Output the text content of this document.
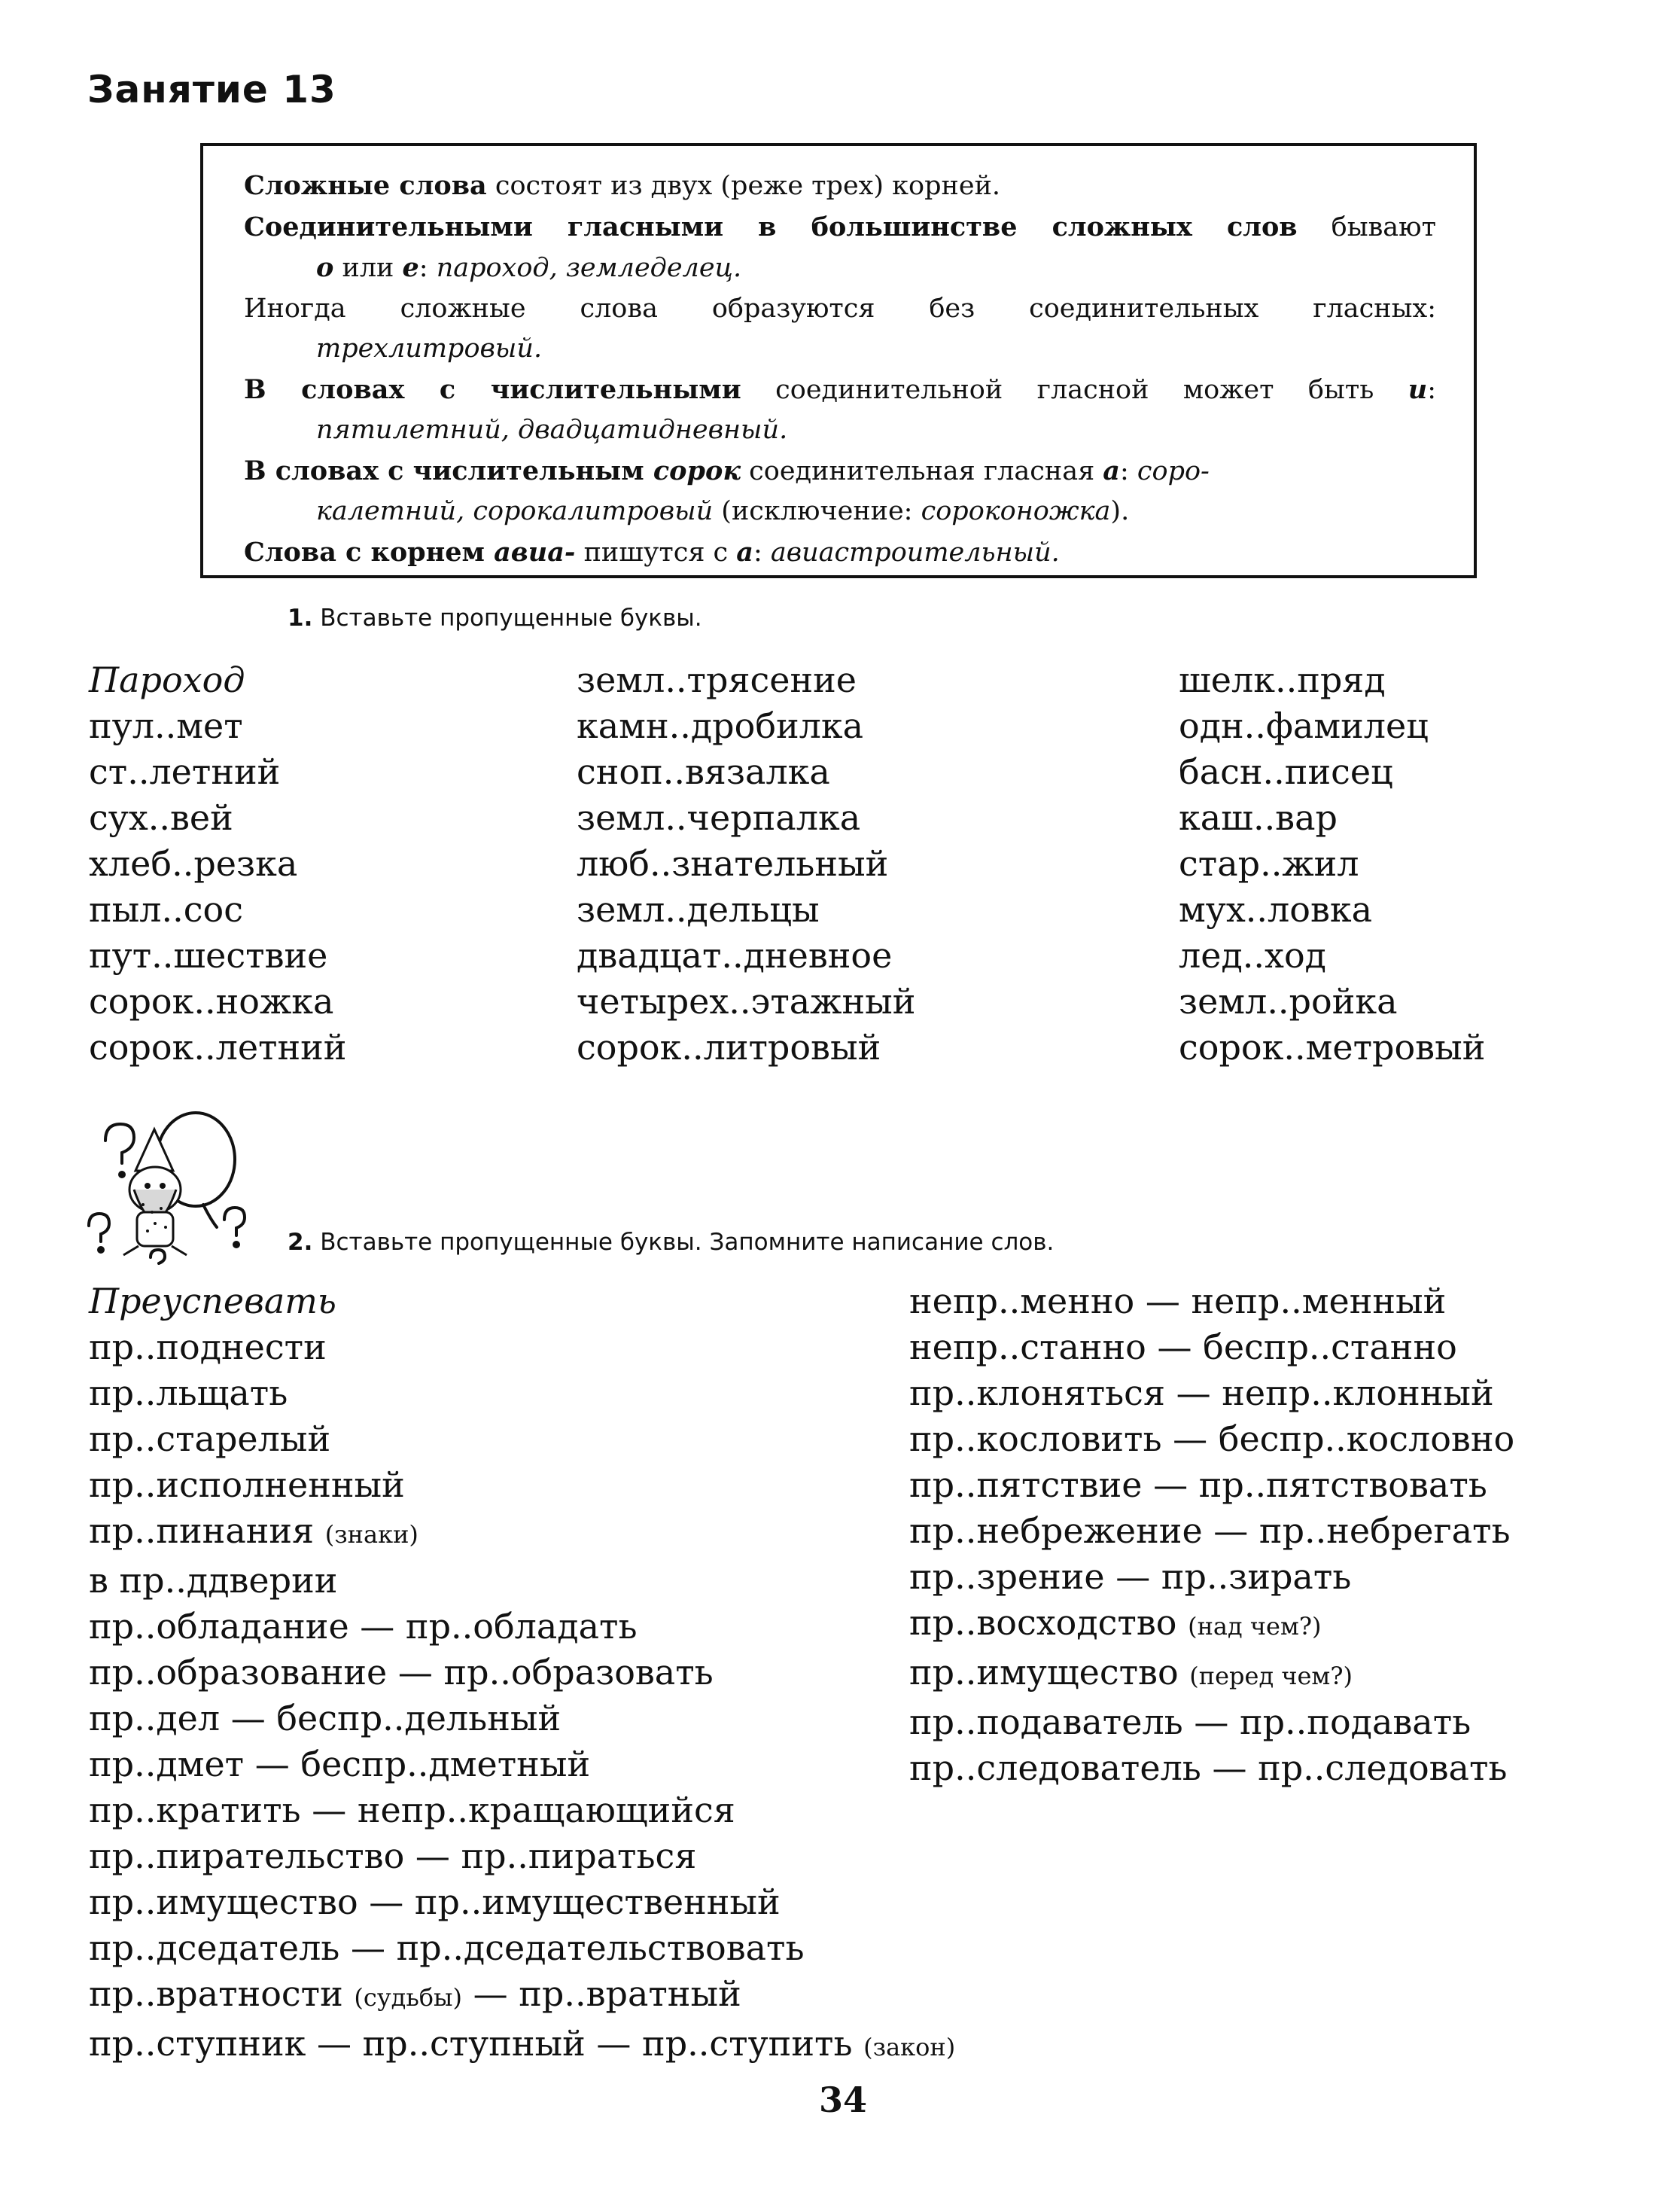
Занятие 13
Сложные слова состоят из двух (реже трех) корней.
Соединительными гласными в большинстве сложных слов бывают
о или е: пароход, земледелец.
Иногда сложные слова образуются без соединительных гласных:
трехлитровый.
В словах с числительными соединительной гласной может быть и:
пятилетний, двадцатидневный.
В словах с числительным сорок соединительная гласная а: соро-
калетний, сорокалитровый (исключение: сороконожка).
Слова с корнем авиа- пишутся с а: авиастроительный.
1. Вставьте пропущенные буквы.
Пароход
пул..мет
ст..летний
сух..вей
хлеб..резка
пыл..сос
пут..шествие
сорок..ножка
сорок..летний
земл..трясение
камн..дробилка
сноп..вязалка
земл..черпалка
люб..знательный
земл..дельцы
двадцат..дневное
четырех..этажный
сорок..литровый
шелк..пряд
одн..фамилец
басн..писец
каш..вар
стар..жил
мух..ловка
лед..ход
земл..ройка
сорок..метровый
2. Вставьте пропущенные буквы. Запомните написание слов.
Преуспевать
пр..поднести
пр..льщать
пр..старелый
пр..исполненный
пр..пинания (знаки)
в пр..ддверии
пр..обладание — пр..обладать
пр..образование — пр..образовать
пр..дел — беспр..дельный
пр..дмет — беспр..дметный
пр..кратить — непр..кращающийся
пр..пирательство — пр..пираться
пр..имущество — пр..имущественный
пр..дседатель — пр..дседательствовать
пр..вратности (судьбы) — пр..вратный
пр..ступник — пр..ступный — пр..ступить (закон)
непр..менно — непр..менный
непр..станно — беспр..станно
пр..клоняться — непр..клонный
пр..кословить — беспр..кословно
пр..пятствие — пр..пятствовать
пр..небрежение — пр..небрегать
пр..зрение — пр..зирать
пр..восходство (над чем?)
пр..имущество (перед чем?)
пр..подаватель — пр..подавать
пр..следователь — пр..следовать
34
